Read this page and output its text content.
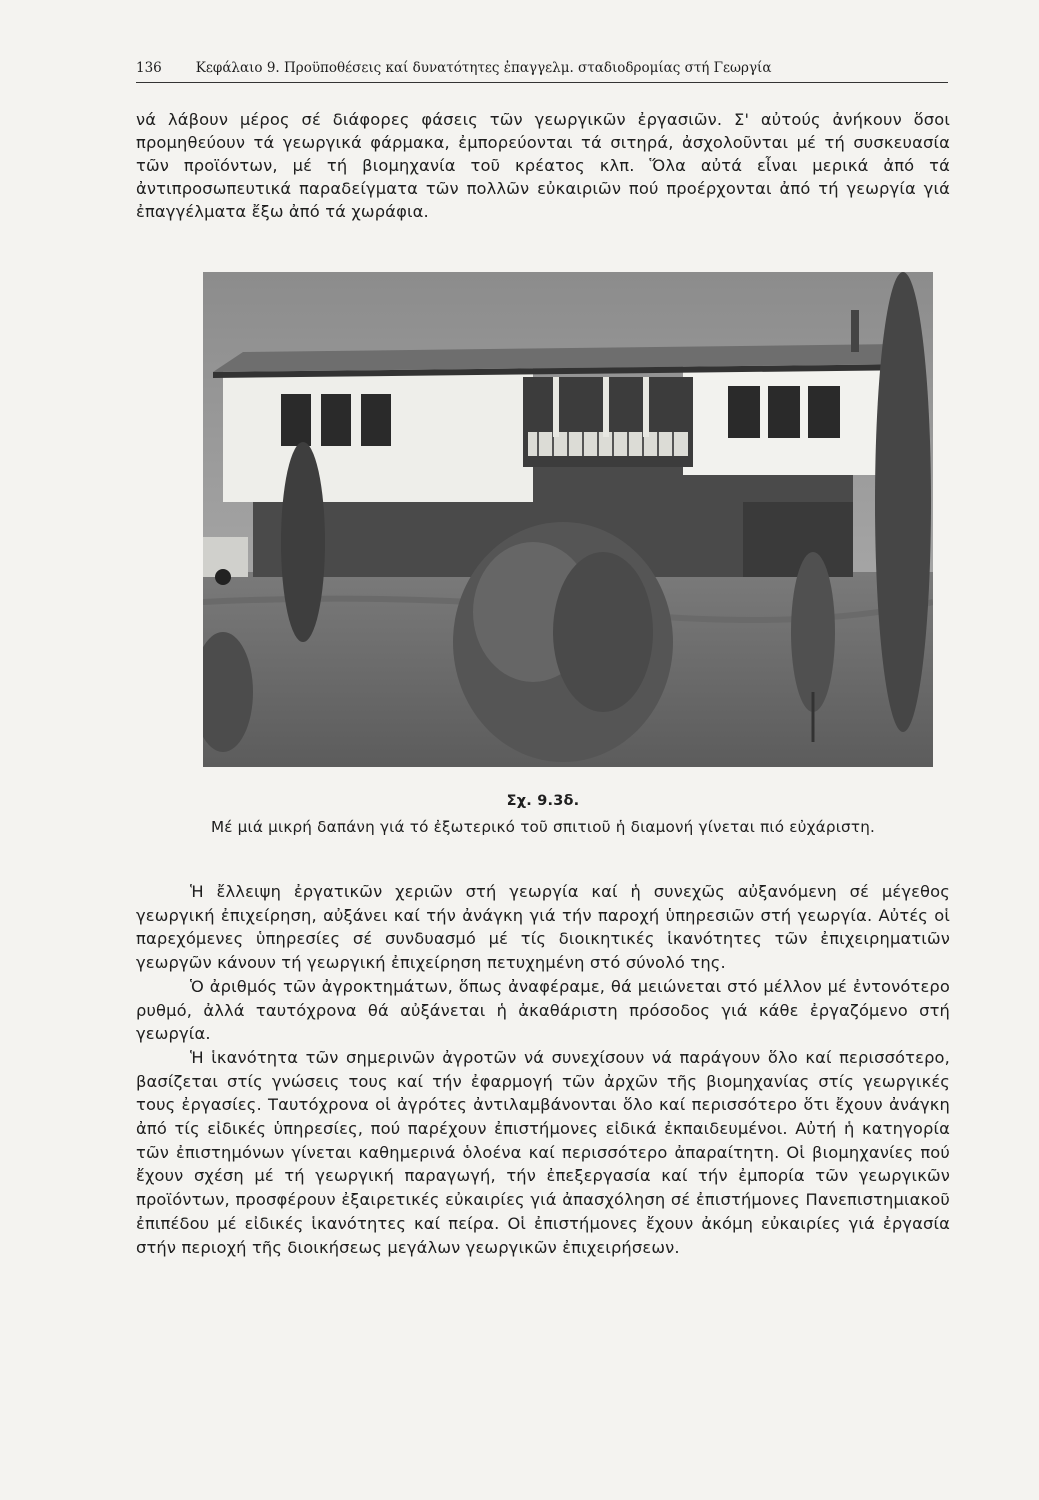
136	Κεφάλαιο 9. Προϋποθέσεις καί δυνατότητες ἐπαγγελμ. σταδιοδρομίας στή Γεωργία

νά λάβουν μέρος σέ διάφορες φάσεις τῶν γεωργικῶν ἐργασιῶν. Σ' αὐτούς ἀνήκουν ὅσοι προμηθεύουν τά γεωργικά φάρμακα, ἐμπορεύονται τά σιτηρά, ἀσχολοῦνται μέ τή συσκευασία τῶν προϊόντων, μέ τή βιομηχανία τοῦ κρέατος κλπ. Ὅλα αὐτά εἶναι μερικά ἀπό τά ἀντιπροσωπευτικά παραδείγματα τῶν πολλῶν εὐκαιριῶν πού προέρχονται ἀπό τή γεωργία γιά ἐπαγγέλματα ἔξω ἀπό τά χωράφια.

Σχ. 9.3δ.
Μέ μιά μικρή δαπάνη γιά τό ἐξωτερικό τοῦ σπιτιοῦ ἡ διαμονή γίνεται πιό εὐχάριστη.

Ἡ ἔλλειψη ἐργατικῶν χεριῶν στή γεωργία καί ἡ συνεχῶς αὐξανόμενη σέ μέγεθος γεωργική ἐπιχείρηση, αὐξάνει καί τήν ἀνάγκη γιά τήν παροχή ὑπηρεσιῶν στή γεωργία. Αὐτές οἱ παρεχόμενες ὑπηρεσίες σέ συνδυασμό μέ τίς διοικητικές ἱκανότητες τῶν ἐπιχειρηματιῶν γεωργῶν κάνουν τή γεωργική ἐπιχείρηση πετυχημένη στό σύνολό της.

Ὁ ἀριθμός τῶν ἀγροκτημάτων, ὅπως ἀναφέραμε, θά μειώνεται στό μέλλον μέ ἐντονότερο ρυθμό, ἀλλά ταυτόχρονα θά αὐξάνεται ἡ ἀκαθάριστη πρόσοδος γιά κάθε ἐργαζόμενο στή γεωργία.

Ἡ ἱκανότητα τῶν σημερινῶν ἀγροτῶν νά συνεχίσουν νά παράγουν ὅλο καί περισσότερο, βασίζεται στίς γνώσεις τους καί τήν ἐφαρμογή τῶν ἀρχῶν τῆς βιομηχανίας στίς γεωργικές τους ἐργασίες. Ταυτόχρονα οἱ ἀγρότες ἀντιλαμβάνονται ὅλο καί περισσότερο ὅτι ἔχουν ἀνάγκη ἀπό τίς εἰδικές ὑπηρεσίες, πού παρέχουν ἐπιστήμονες εἰδικά ἐκπαιδευμένοι. Αὐτή ἡ κατηγορία τῶν ἐπιστημόνων γίνεται καθημερινά ὁλοένα καί περισσότερο ἀπαραίτητη. Οἱ βιομηχανίες πού ἔχουν σχέση μέ τή γεωργική παραγωγή, τήν ἐπεξεργασία καί τήν ἐμπορία τῶν γεωργικῶν προϊόντων, προσφέρουν ἐξαιρετικές εὐκαιρίες γιά ἀπασχόληση σέ ἐπιστήμονες Πανεπιστημιακοῦ ἐπιπέδου μέ εἰδικές ἱκανότητες καί πείρα. Οἱ ἐπιστήμονες ἔχουν ἀκόμη εὐκαιρίες γιά ἐργασία στήν περιοχή τῆς διοικήσεως μεγάλων γεωργικῶν ἐπιχειρήσεων.
